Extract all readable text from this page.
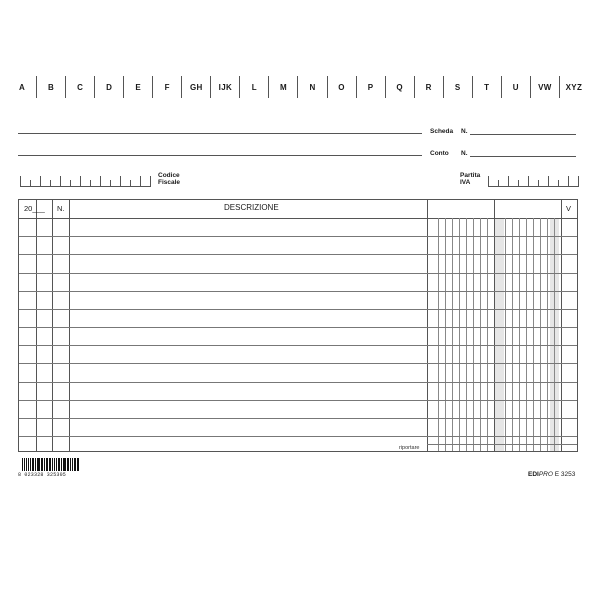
A	B	C	D	E	F	GH	IJK	L	M	N	O	P	Q	R	S	T	U	VW	XYZ
Scheda N.
Conto N.
Codice
Fiscale
Partita
IVA
20___ N.	DESCRIZIONE	V
riportare
8 023328 325305	EDIPRO E 3253
